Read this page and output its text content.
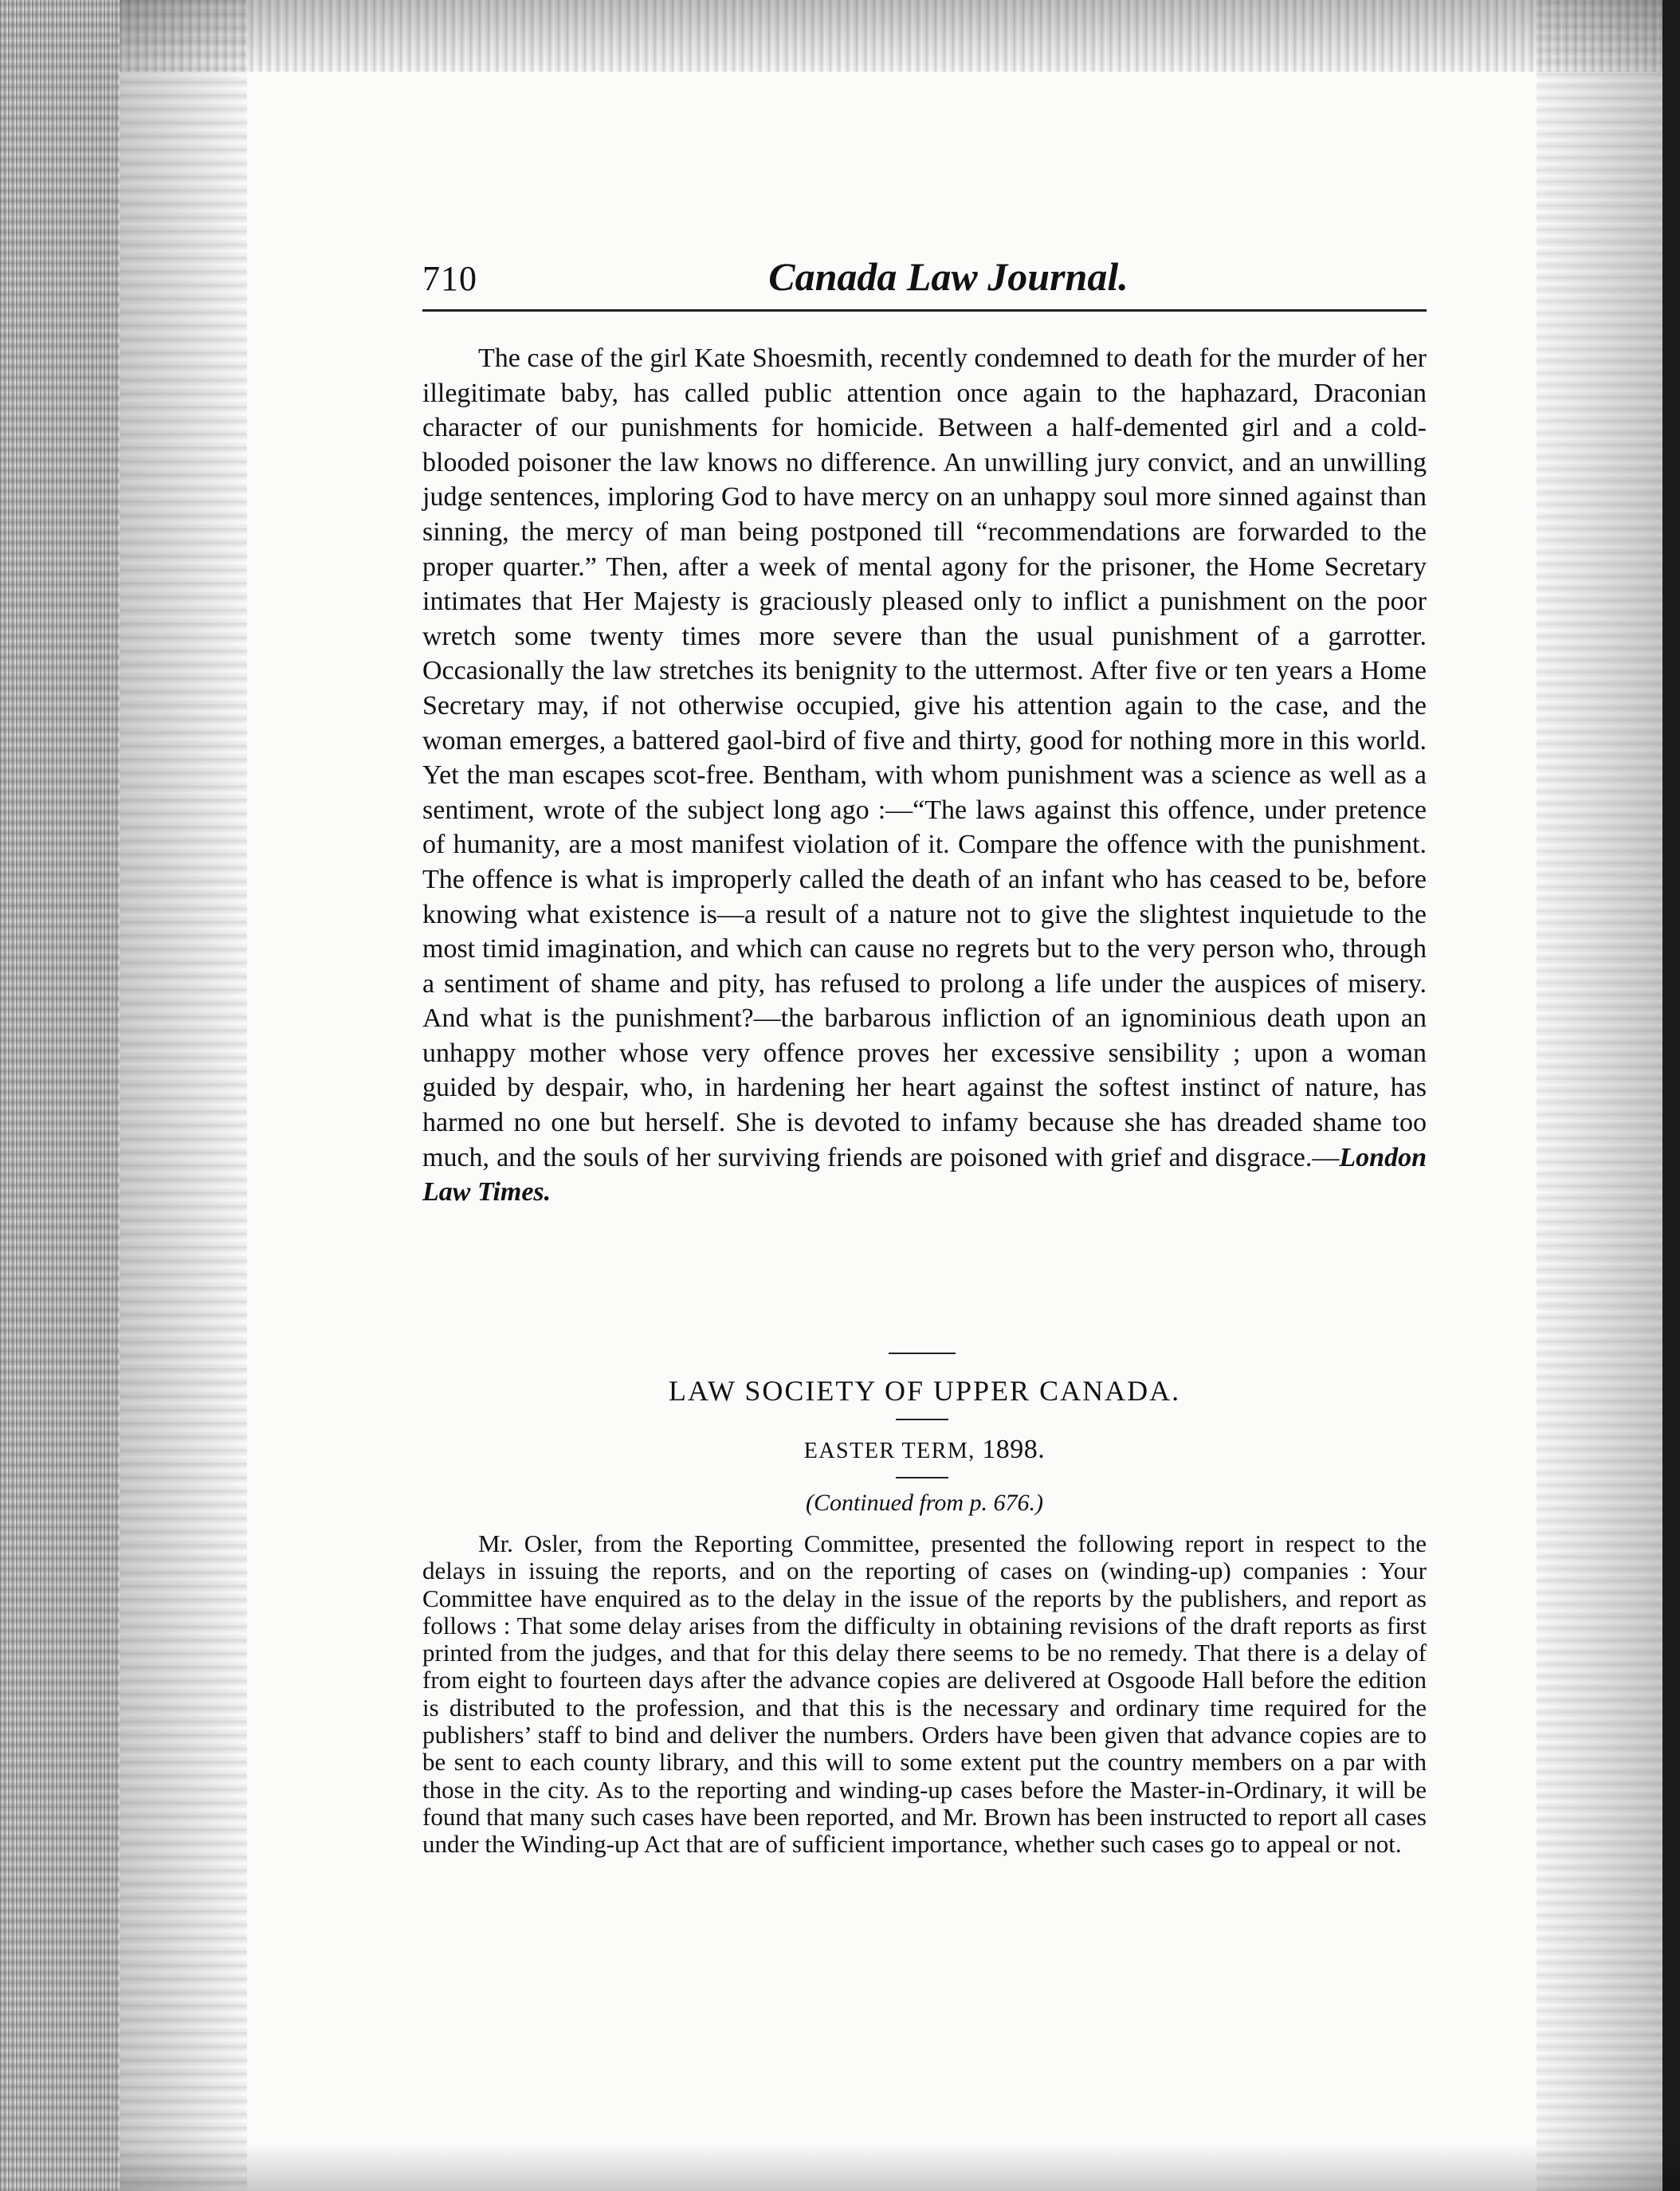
710	Canada Law Journal.

The case of the girl Kate Shoesmith, recently condemned to death for the murder of her illegitimate baby, has called public attention once again to the haphazard, Draconian character of our punishments for homicide. Between a half-demented girl and a cold-blooded poisoner the law knows no difference. An unwilling jury convict, and an unwilling judge sentences, imploring God to have mercy on an unhappy soul more sinned against than sinning, the mercy of man being postponed till “recommendations are forwarded to the proper quarter.” Then, after a week of mental agony for the prisoner, the Home Secretary intimates that Her Majesty is graciously pleased only to inflict a punishment on the poor wretch some twenty times more severe than the usual punishment of a garrotter. Occasionally the law stretches its benignity to the uttermost. After five or ten years a Home Secretary may, if not otherwise occupied, give his attention again to the case, and the woman emerges, a battered gaol-bird of five and thirty, good for nothing more in this world. Yet the man escapes scot-free. Bentham, with whom punishment was a science as well as a sentiment, wrote of the subject long ago :—“The laws against this offence, under pretence of humanity, are a most manifest violation of it. Compare the offence with the punishment. The offence is what is improperly called the death of an infant who has ceased to be, before knowing what existence is—a result of a nature not to give the slightest inquietude to the most timid imagination, and which can cause no regrets but to the very person who, through a sentiment of shame and pity, has refused to prolong a life under the auspices of misery. And what is the punishment?—the barbarous infliction of an ignominious death upon an unhappy mother whose very offence proves her excessive sensibility ; upon a woman guided by despair, who, in hardening her heart against the softest instinct of nature, has harmed no one but herself. She is devoted to infamy because she has dreaded shame too much, and the souls of her surviving friends are poisoned with grief and disgrace.—London Law Times.

LAW SOCIETY OF UPPER CANADA.

EASTER TERM, 1898.

(Continued from p. 676.)

Mr. Osler, from the Reporting Committee, presented the following report in respect to the delays in issuing the reports, and on the reporting of cases on (winding-up) companies : Your Committee have enquired as to the delay in the issue of the reports by the publishers, and report as follows : That some delay arises from the difficulty in obtaining revisions of the draft reports as first printed from the judges, and that for this delay there seems to be no remedy. That there is a delay of from eight to fourteen days after the advance copies are delivered at Osgoode Hall before the edition is distributed to the profession, and that this is the necessary and ordinary time required for the publishers’ staff to bind and deliver the numbers. Orders have been given that advance copies are to be sent to each county library, and this will to some extent put the country members on a par with those in the city. As to the reporting and winding-up cases before the Master-in-Ordinary, it will be found that many such cases have been reported, and Mr. Brown has been instructed to report all cases under the Winding-up Act that are of sufficient importance, whether such cases go to appeal or not.
